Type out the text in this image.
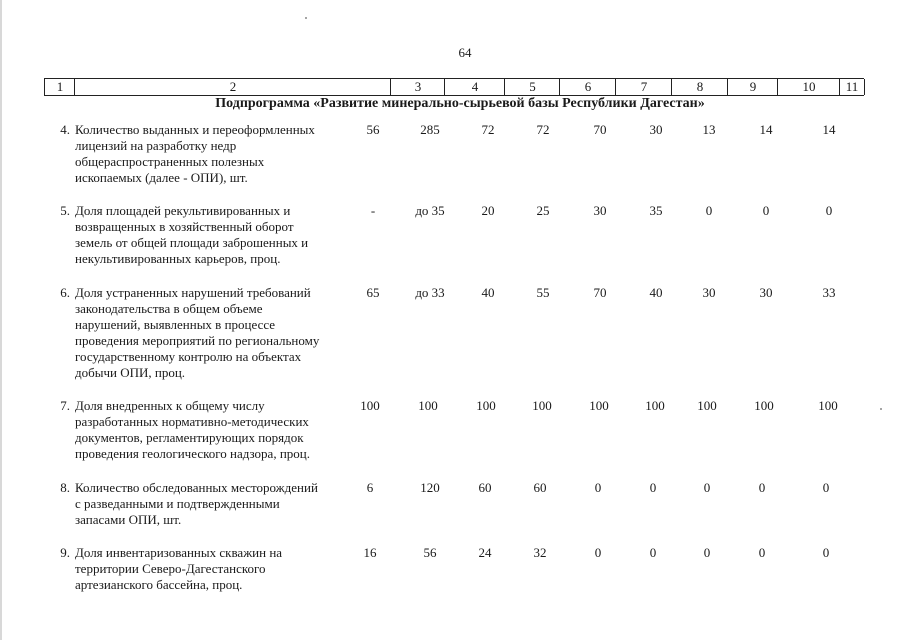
64
1	2	3	4	5	6	7	8	9	10	11
Подпрограмма «Развитие минерально-сырьевой базы Республики Дагестан»
4. Количество выданных и переоформленных
лицензий на разработку недр
общераспространенных полезных
ископаемых (далее - ОПИ), шт.
56	285	72	72	70	30	13	14	14
5. Доля площадей рекультивированных и
возвращенных в хозяйственный оборот
земель от общей площади заброшенных и
некультивированных карьеров, проц.
-	до 35	20	25	30	35	0	0	0
6. Доля устраненных нарушений требований
законодательства в общем объеме
нарушений, выявленных в процессе
проведения мероприятий по региональному
государственному контролю на объектах
добычи ОПИ, проц.
65	до 33	40	55	70	40	30	30	33
7. Доля внедренных к общему числу
разработанных нормативно-методических
документов, регламентирующих порядок
проведения геологического надзора, проц.
100	100	100	100	100	100	100	100	100
8. Количество обследованных месторождений
с разведанными и подтвержденными
запасами ОПИ, шт.
6	120	60	60	0	0	0	0	0
9. Доля инвентаризованных скважин на
территории Северо-Дагестанского
артезианского бассейна, проц.
16	56	24	32	0	0	0	0	0
